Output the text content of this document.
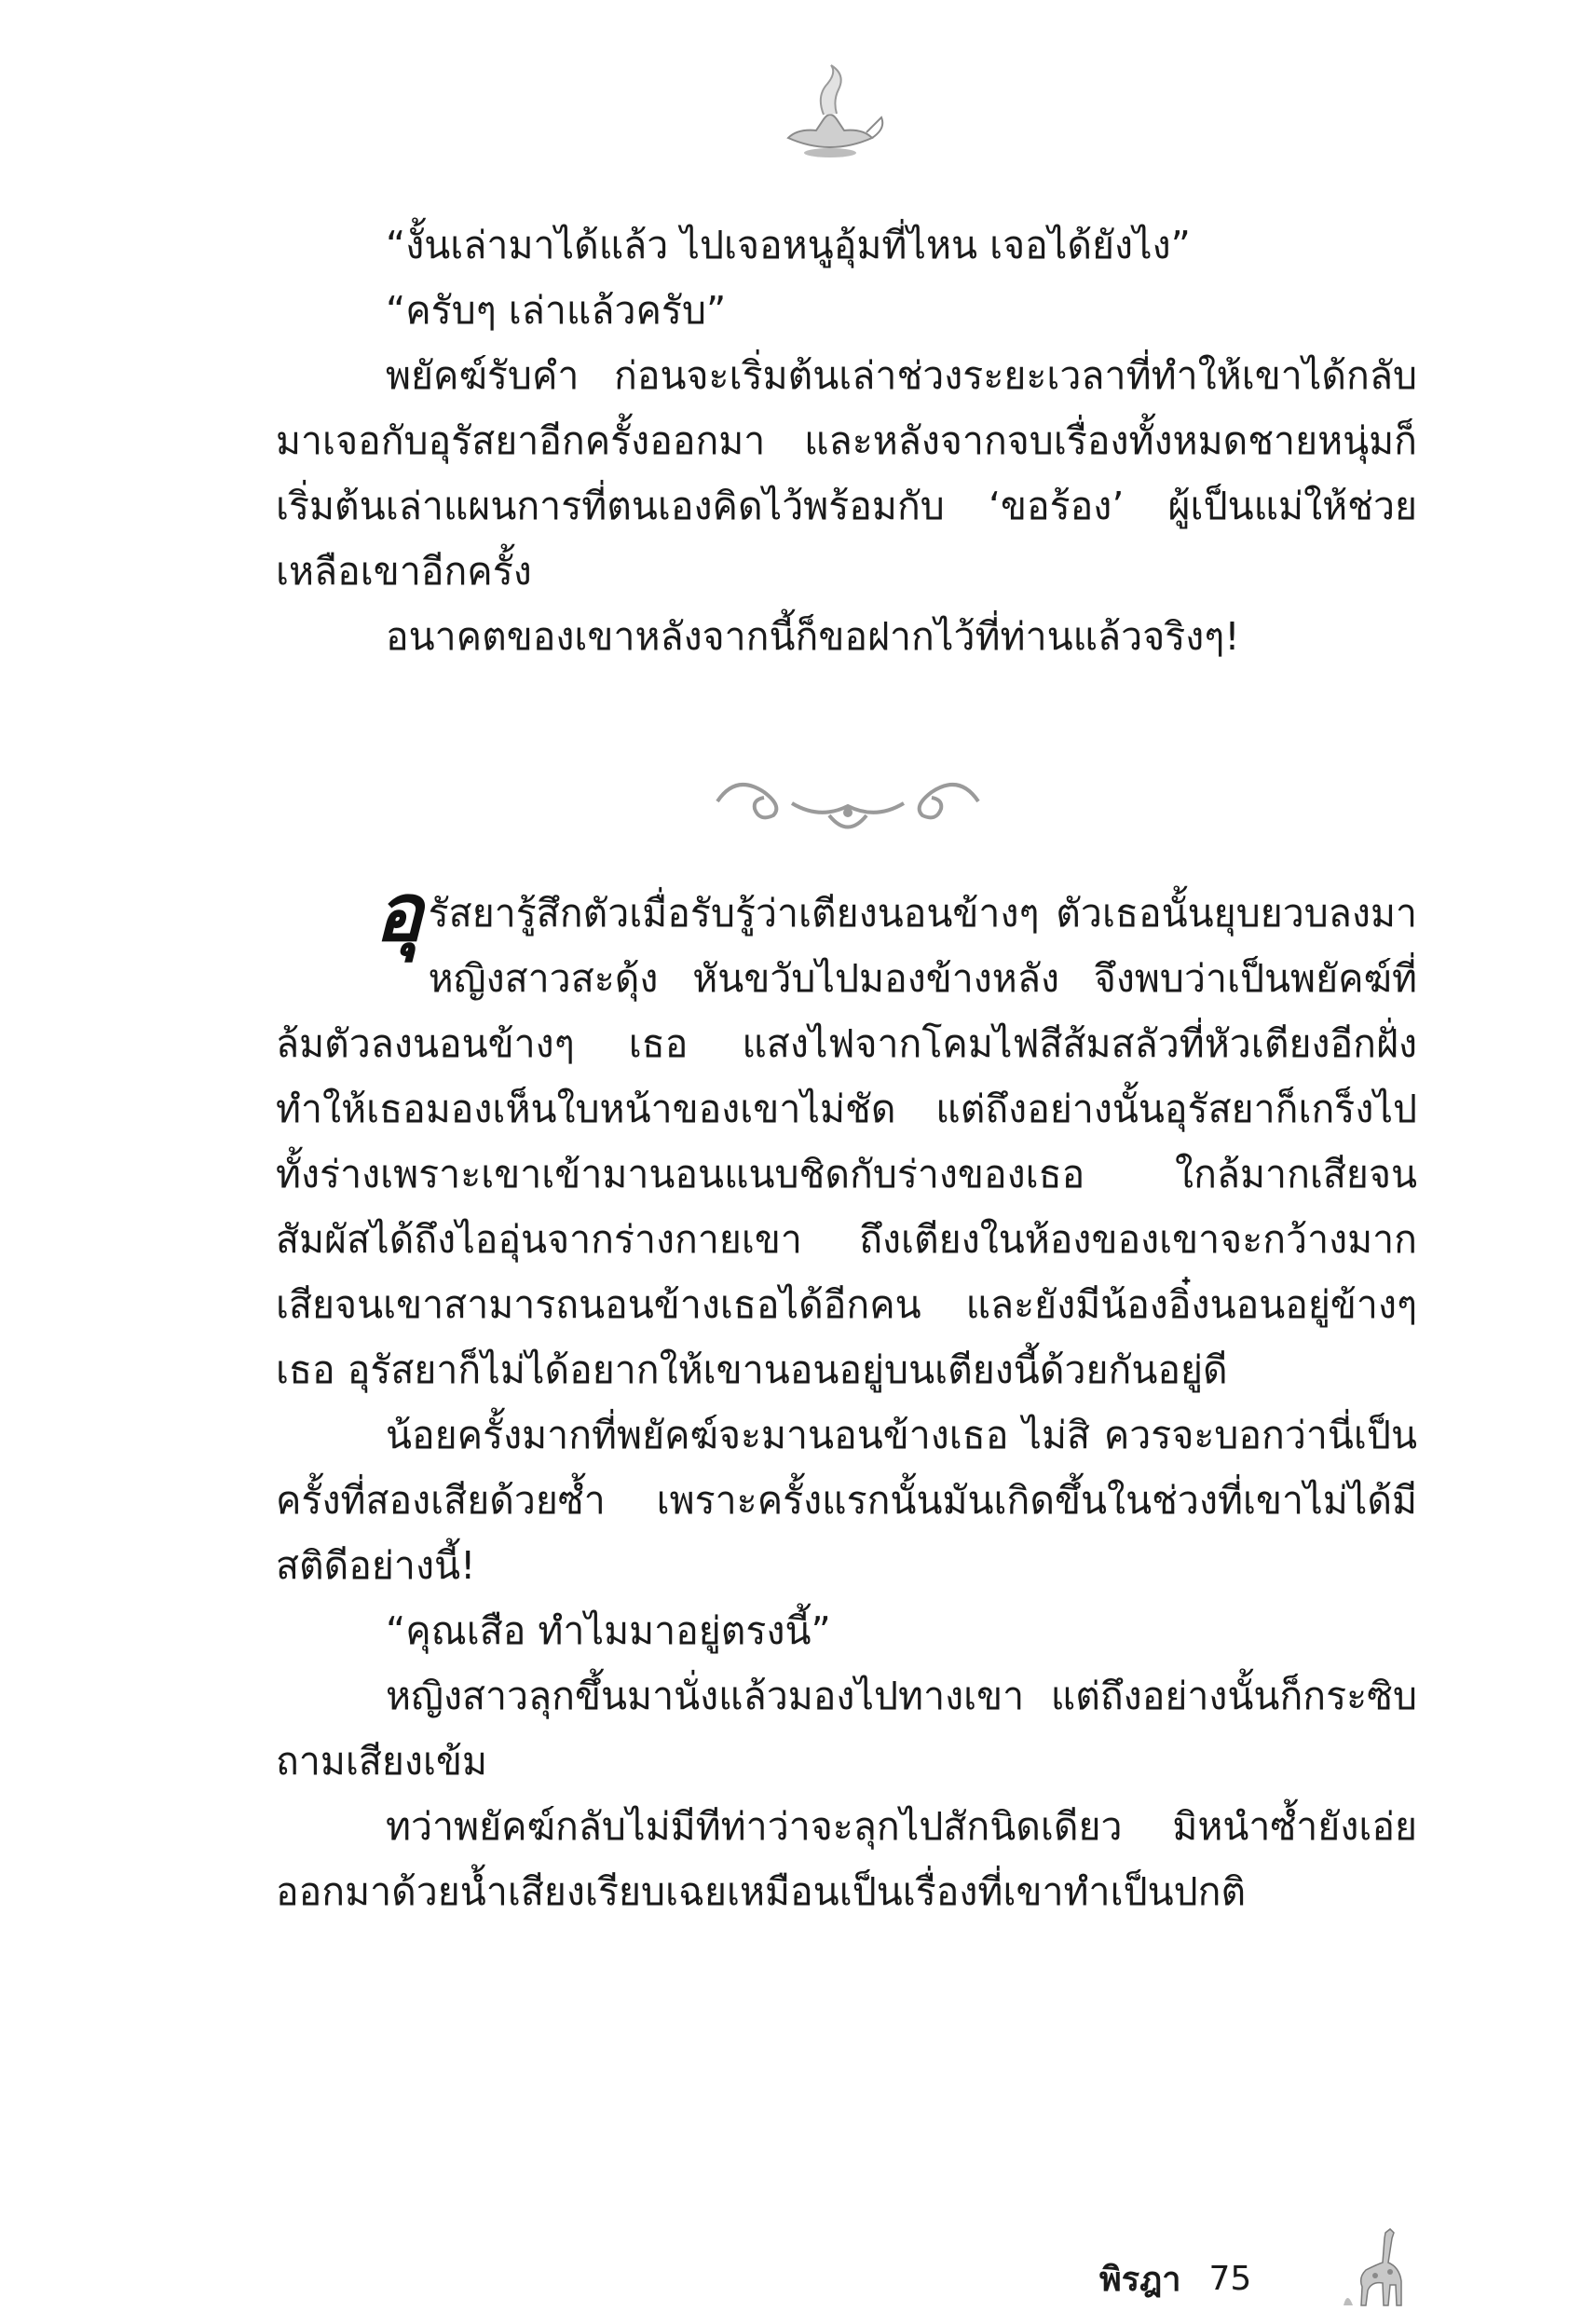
“งั้นเล่ามาได้แล้ว ไปเจอหนูอุ้มที่ไหน เจอได้ยังไง”

“ครับๆ เล่าแล้วครับ”

พยัคฆ์รับคำ ก่อนจะเริ่มต้นเล่าช่วงระยะเวลาที่ทำให้เขาได้กลับมาเจอกับอุรัสยาอีกครั้งออกมา และหลังจากจบเรื่องทั้งหมดชายหนุ่มก็เริ่มต้นเล่าแผนการที่ตนเองคิดไว้พร้อมกับ ‘ขอร้อง’ ผู้เป็นแม่ให้ช่วยเหลือเขาอีกครั้ง

อนาคตของเขาหลังจากนี้ก็ขอฝากไว้ที่ท่านแล้วจริงๆ!

อุรัสยารู้สึกตัวเมื่อรับรู้ว่าเตียงนอนข้างๆ ตัวเธอนั้นยุบยวบลงมา หญิงสาวสะดุ้ง หันขวับไปมองข้างหลัง จึงพบว่าเป็นพยัคฆ์ที่ล้มตัวลงนอนข้างๆ เธอ แสงไฟจากโคมไฟสีส้มสลัวที่หัวเตียงอีกฝั่งทำให้เธอมองเห็นใบหน้าของเขาไม่ชัด แต่ถึงอย่างนั้นอุรัสยาก็เกร็งไปทั้งร่างเพราะเขาเข้ามานอนแนบชิดกับร่างของเธอ ใกล้มากเสียจนสัมผัสได้ถึงไออุ่นจากร่างกายเขา ถึงเตียงในห้องของเขาจะกว้างมากเสียจนเขาสามารถนอนข้างเธอได้อีกคน และยังมีน้องอิ๋งนอนอยู่ข้างๆ เธอ อุรัสยาก็ไม่ได้อยากให้เขานอนอยู่บนเตียงนี้ด้วยกันอยู่ดี

น้อยครั้งมากที่พยัคฆ์จะมานอนข้างเธอ ไม่สิ ควรจะบอกว่านี่เป็นครั้งที่สองเสียด้วยซ้ำ เพราะครั้งแรกนั้นมันเกิดขึ้นในช่วงที่เขาไม่ได้มีสติดีอย่างนี้!

“คุณเสือ ทำไมมาอยู่ตรงนี้”

หญิงสาวลุกขึ้นมานั่งแล้วมองไปทางเขา แต่ถึงอย่างนั้นก็กระซิบถามเสียงเข้ม

ทว่าพยัคฆ์กลับไม่มีทีท่าว่าจะลุกไปสักนิดเดียว มิหนำซ้ำยังเอ่ยออกมาด้วยน้ำเสียงเรียบเฉยเหมือนเป็นเรื่องที่เขาทำเป็นปกติ

พิรฎา 75
